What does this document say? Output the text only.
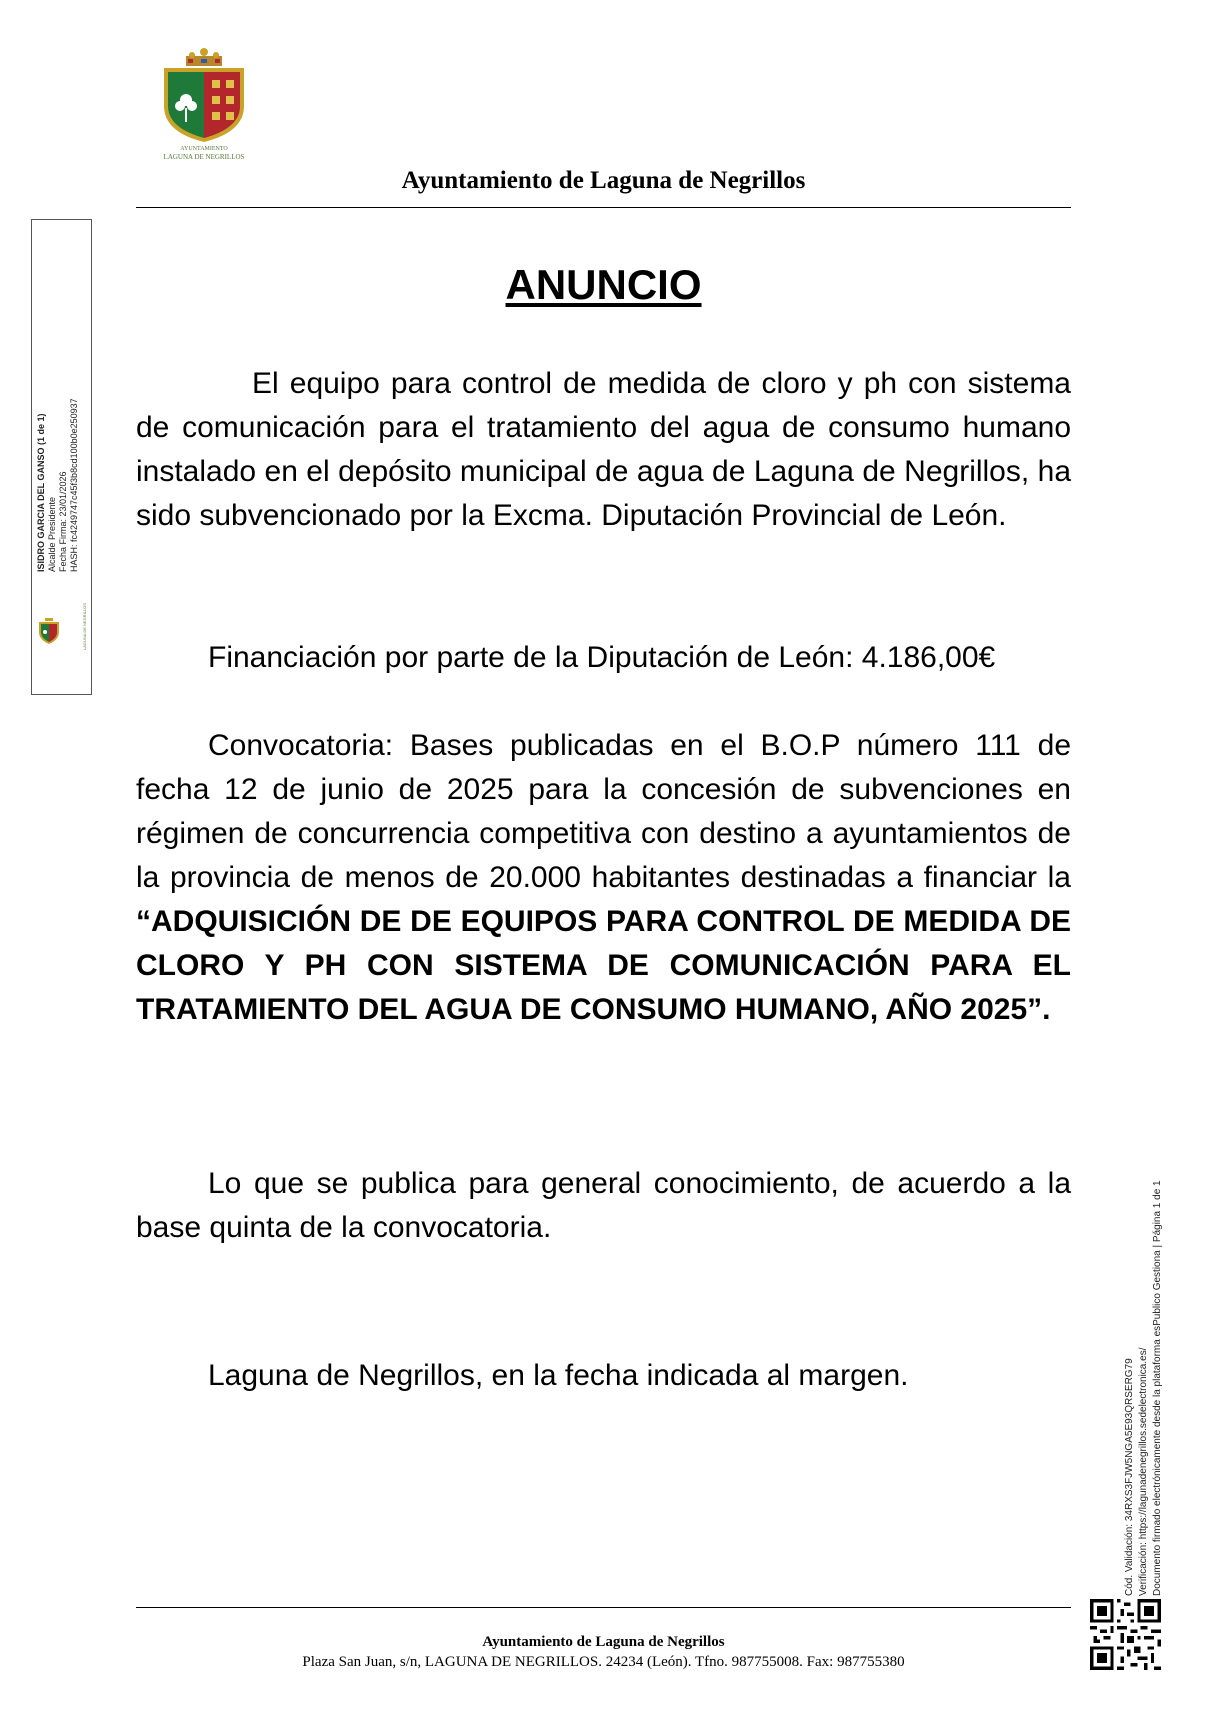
AYUNTAMIENTO
LAGUNA DE NEGRILLOS
Ayuntamiento de Laguna de Negrillos
ISIDRO GARCIA DEL GANSO (1 de 1) Alcalde Presidente Fecha Firma: 23/01/2026 HASH: fc4249747c45f3b8cd100b0e250937
LAGUNA DE NEGRILLOS
ANUNCIO

El equipo para control de medida de cloro y ph con sistema de comunicación para el tratamiento del agua de consumo humano instalado en el depósito municipal de agua de Laguna de Negrillos, ha sido subvencionado por la Excma. Diputación Provincial de León.

Financiación por parte de la Diputación de León: 4.186,00€

Convocatoria: Bases publicadas en el B.O.P número 111 de fecha 12 de junio de 2025 para la concesión de subvenciones en régimen de concurrencia competitiva con destino a ayuntamientos de la provincia de menos de 20.000 habitantes destinadas a financiar la “ADQUISICIÓN DE DE EQUIPOS PARA CONTROL DE MEDIDA DE CLORO Y PH CON SISTEMA DE COMUNICACIÓN PARA EL TRATAMIENTO DEL AGUA DE CONSUMO HUMANO, AÑO 2025”.

Lo que se publica para general conocimiento, de acuerdo a la base quinta de la convocatoria.

Laguna de Negrillos, en la fecha indicada al margen.	Cód. Validación: 34RXS3FJW5NGA5E93QRSERG79 Verificación: https://lagunadenegrillos.sedelectronica.es/ Documento firmado electrónicamente desde la plataforma esPublico Gestiona | Página 1 de 1
Ayuntamiento de Laguna de Negrillos
Plaza San Juan, s/n, LAGUNA DE NEGRILLOS. 24234 (León). Tfno. 987755008. Fax: 987755380
